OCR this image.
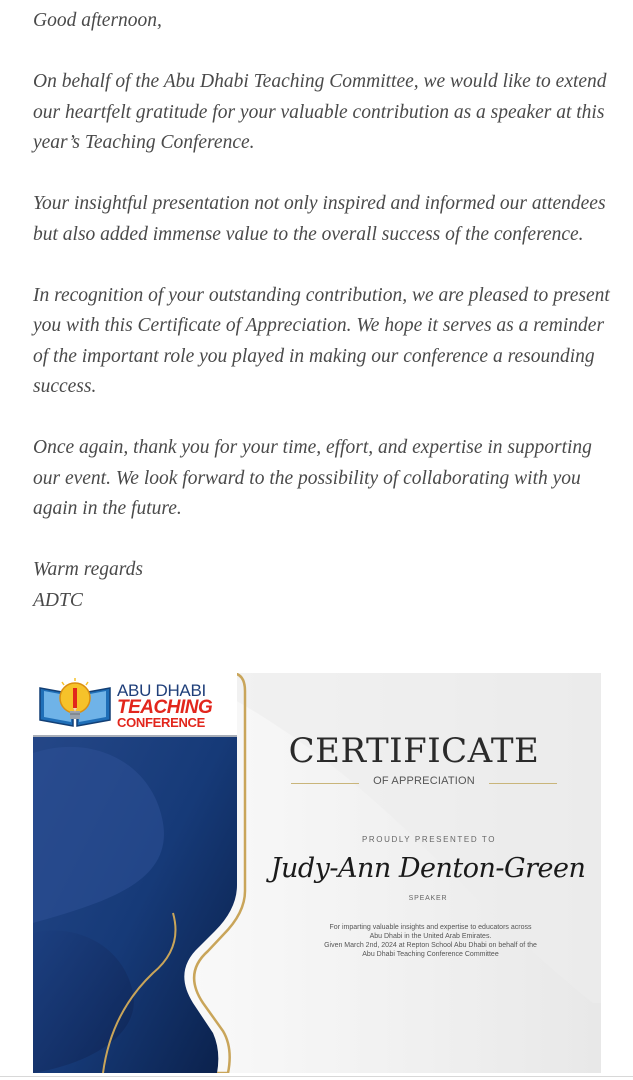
Good afternoon,

On behalf of the Abu Dhabi Teaching Committee, we would like to extend our heartfelt gratitude for your valuable contribution as a speaker at this year’s Teaching Conference.

Your insightful presentation not only inspired and informed our attendees but also added immense value to the overall success of the conference.

In recognition of your outstanding contribution, we are pleased to present you with this Certificate of Appreciation. We hope it serves as a reminder of the important role you played in making our conference a resounding success.

Once again, thank you for your time, effort, and expertise in supporting our event. We look forward to the possibility of collaborating with you again in the future.

Warm regards

ADTC

ABU DHABI
TEACHING
CONFERENCE
CERTIFICATE
OF APPRECIATION
PROUDLY PRESENTED TO
Judy-Ann Denton-Green
SPEAKER
For imparting valuable insights and expertise to educators across
Abu Dhabi in the United Arab Emirates.
Given March 2nd, 2024 at Repton School Abu Dhabi on behalf of the
Abu Dhabi Teaching Conference Committee
